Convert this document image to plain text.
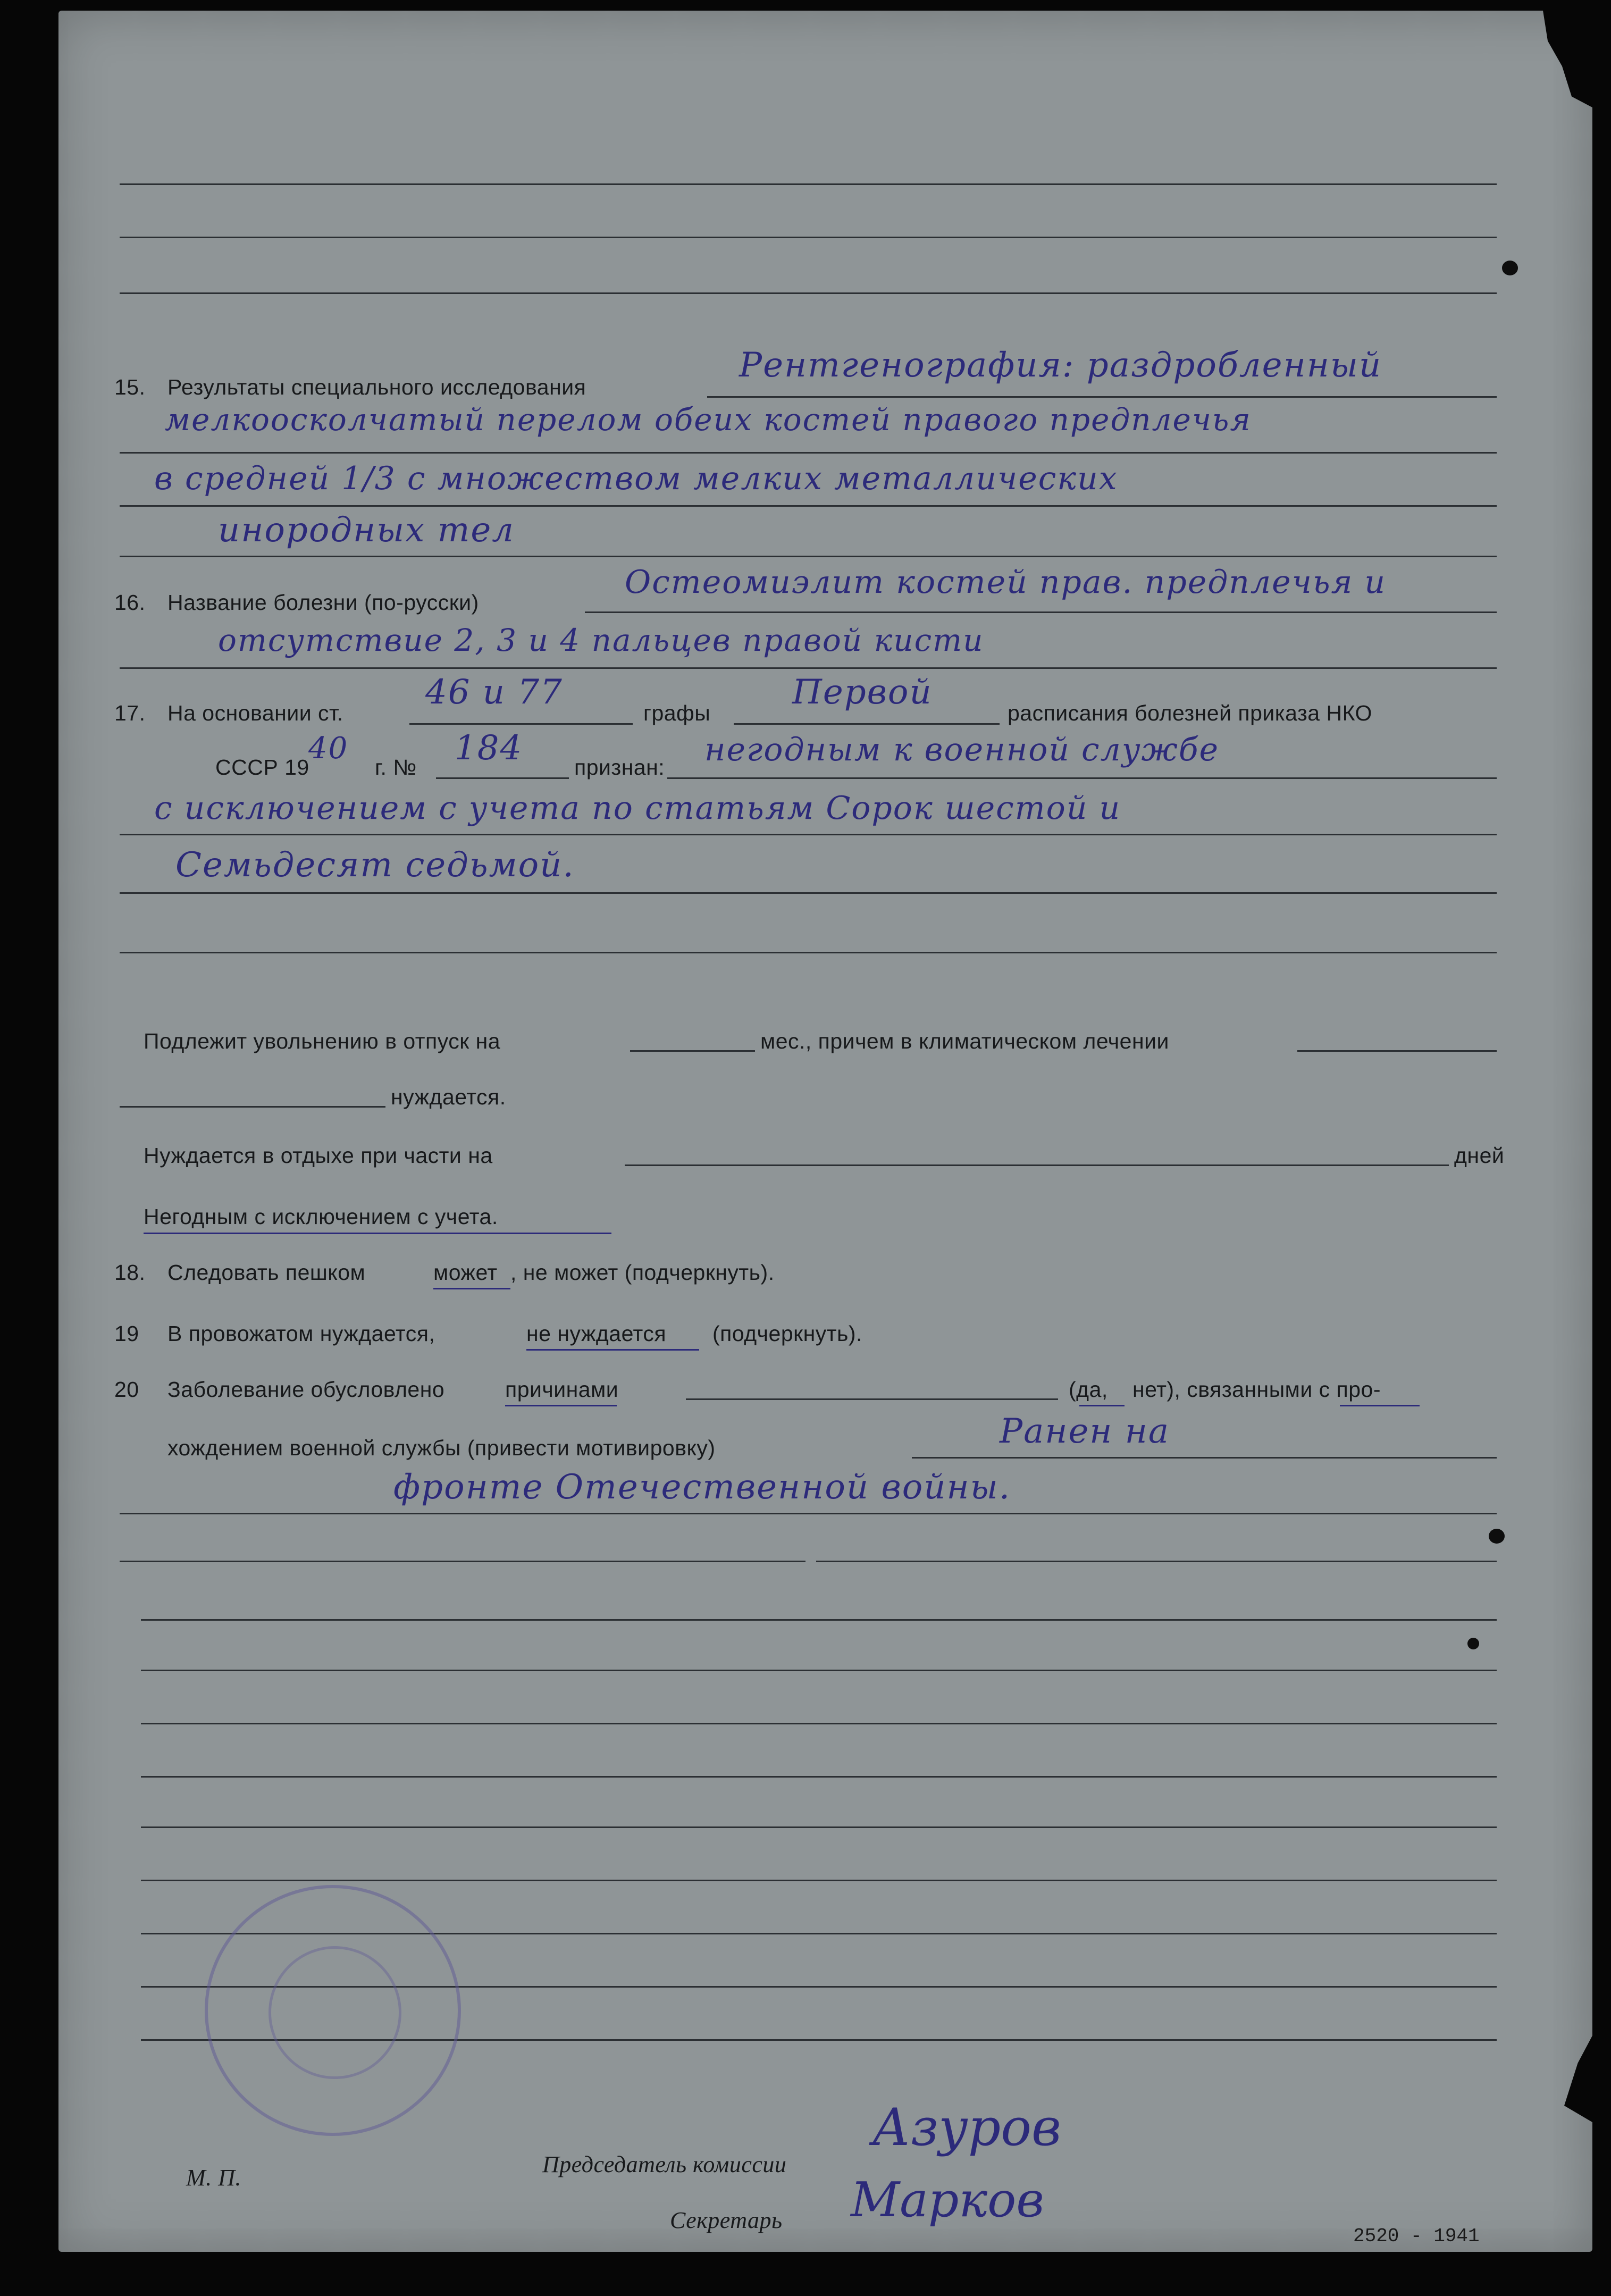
15. Результаты специального исследования
Рентгенография: раздробленный
мелкоосколчатый перелом обеих костей правого предплечья
в средней 1/3 с множеством мелких металлических
инородных тел
16. Название болезни (по-русски)
Остеомиэлит костей прав. предплечья и
отсутствие 2, 3 и 4 пальцев правой кисти
17. На основании ст.
46 и 77
графы
Первой
расписания болезней приказа НКО
СССР 19
40
г. № 184 признан: негодным к военной службе
с исключением с учета по статьям Сорок шестой и
Семьдесят седьмой.
Подлежит увольнению в отпуск на	мес., причем в климатическом лечении
нуждается.
Нуждается в отдыхе при части на	дней
Негодным с исключением с учета.
18. Следовать пешком	может , не может (подчеркнуть).
19 В провожатом нуждается,	не нуждается (подчеркнуть).
20 Заболевание обусловлено	причинами	(да, нет), связанными с про-
хождением военной службы (привести мотивировку)	Ранен на
фронте Отечественной войны.
М. П.
Председатель комиссии
Азуров
Секретарь Марков
2520 - 1941
